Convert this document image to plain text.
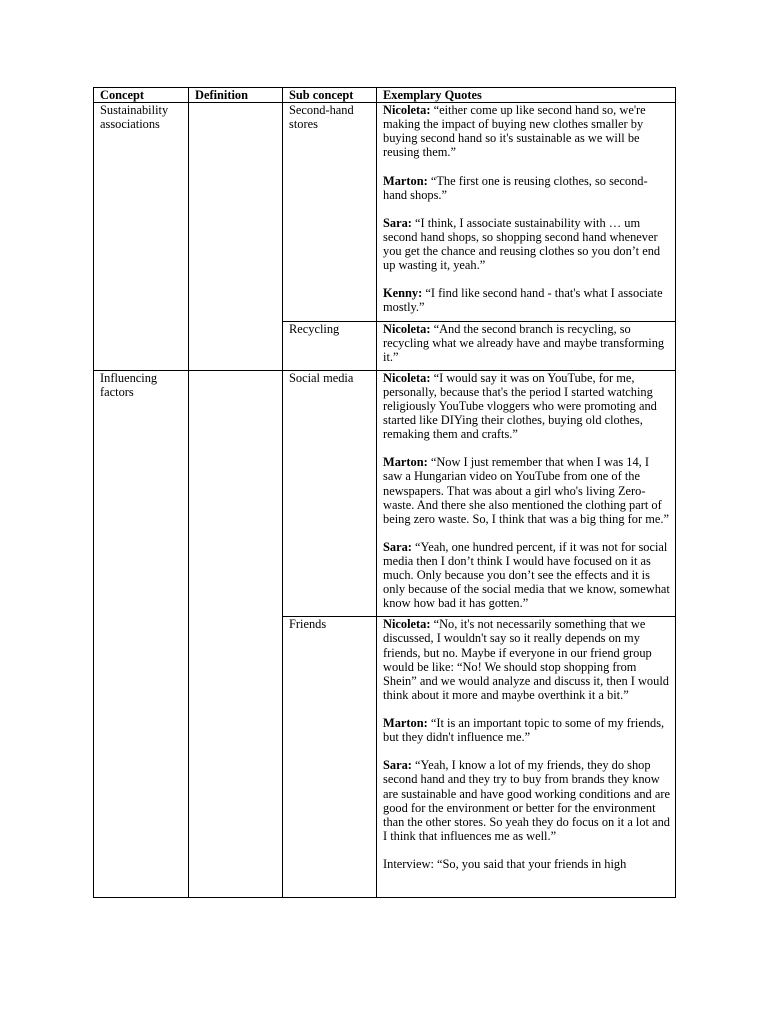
Concept	Definition	Sub concept	Exemplary Quotes
Sustainability associations		Second-hand stores	Nicoleta: “either come up like second hand so, we're making the impact of buying new clothes smaller by buying second hand so it's sustainable as we will be reusing them.”

Marton: “The first one is reusing clothes, so second-hand shops.”

Sara: “I think, I associate sustainability with … um second hand shops, so shopping second hand whenever you get the chance and reusing clothes so you don’t end up wasting it, yeah.”

Kenny: “I find like second hand - that's what I associate mostly.”

		Recycling	Nicoleta: “And the second branch is recycling, so recycling what we already have and maybe transforming it.”

Influencing factors		Social media	Nicoleta: “I would say it was on YouTube, for me, personally, because that's the period I started watching religiously YouTube vloggers who were promoting and started like DIYing their clothes, buying old clothes, remaking them and crafts.”

Marton: “Now I just remember that when I was 14, I saw a Hungarian video on YouTube from one of the newspapers. That was about a girl who's living Zero-waste. And there she also mentioned the clothing part of being zero waste. So, I think that was a big thing for me.”

Sara: “Yeah, one hundred percent, if it was not for social media then I don’t think I would have focused on it as much. Only because you don’t see the effects and it is only because of the social media that we know, somewhat know how bad it has gotten.”

		Friends	Nicoleta: “No, it's not necessarily something that we discussed, I wouldn't say so it really depends on my friends, but no. Maybe if everyone in our friend group would be like: “No! We should stop shopping from Shein” and we would analyze and discuss it, then I would think about it more and maybe overthink it a bit.”

Marton: “It is an important topic to some of my friends, but they didn't influence me.”

Sara: “Yeah, I know a lot of my friends, they do shop second hand and they try to buy from brands they know are sustainable and have good working conditions and are good for the environment or better for the environment than the other stores. So yeah they do focus on it a lot and I think that influences me as well.”

Interview: “So, you said that your friends in high
